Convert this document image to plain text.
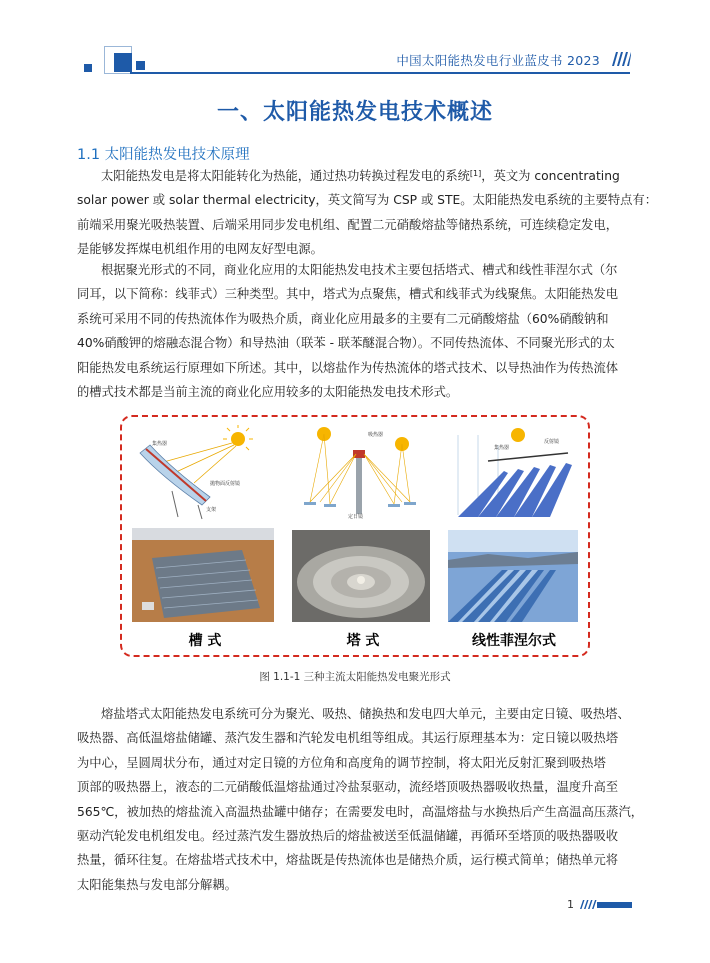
中国太阳能热发电行业蓝皮书 2023
一、太阳能热发电技术概述
1.1 太阳能热发电技术原理
太阳能热发电是将太阳能转化为热能，通过热功转换过程发电的系统[1]，英文为 concentrating
solar power 或 solar thermal electricity，英文简写为 CSP 或 STE。太阳能热发电系统的主要特点有：
前端采用聚光吸热装置、后端采用同步发电机组、配置二元硝酸熔盐等储热系统，可连续稳定发电，
是能够发挥煤电机组作用的电网友好型电源。
根据聚光形式的不同，商业化应用的太阳能热发电技术主要包括塔式、槽式和线性菲涅尔式（尔
同耳，以下简称：线菲式）三种类型。其中，塔式为点聚焦，槽式和线菲式为线聚焦。太阳能热发电
系统可采用不同的传热流体作为吸热介质，商业化应用最多的主要有二元硝酸熔盐（60%硝酸钠和
40%硝酸钾的熔融态混合物）和导热油（联苯 - 联苯醚混合物）。不同传热流体、不同聚光形式的太
阳能热发电系统运行原理如下所述。其中，以熔盐作为传热流体的塔式技术、以导热油作为传热流体
的槽式技术都是当前主流的商业化应用较多的太阳能热发电技术形式。
集热器
抛物面反射镜
支架
吸热器
定日镜
集热器
反射镜
槽 式	塔 式	线性菲涅尔式
图 1.1-1 三种主流太阳能热发电聚光形式
熔盐塔式太阳能热发电系统可分为聚光、吸热、储换热和发电四大单元，主要由定日镜、吸热塔、
吸热器、高低温熔盐储罐、蒸汽发生器和汽轮发电机组等组成。其运行原理基本为：定日镜以吸热塔
为中心，呈圆周状分布，通过对定日镜的方位角和高度角的调节控制，将太阳光反射汇聚到吸热塔
顶部的吸热器上，液态的二元硝酸低温熔盐通过冷盐泵驱动，流经塔顶吸热器吸收热量，温度升高至
565℃，被加热的熔盐流入高温热盐罐中储存；在需要发电时，高温熔盐与水换热后产生高温高压蒸汽，
驱动汽轮发电机组发电。经过蒸汽发生器放热后的熔盐被送至低温储罐，再循环至塔顶的吸热器吸收
热量，循环往复。在熔盐塔式技术中，熔盐既是传热流体也是储热介质，运行模式简单；储热单元将
太阳能集热与发电部分解耦。
1
